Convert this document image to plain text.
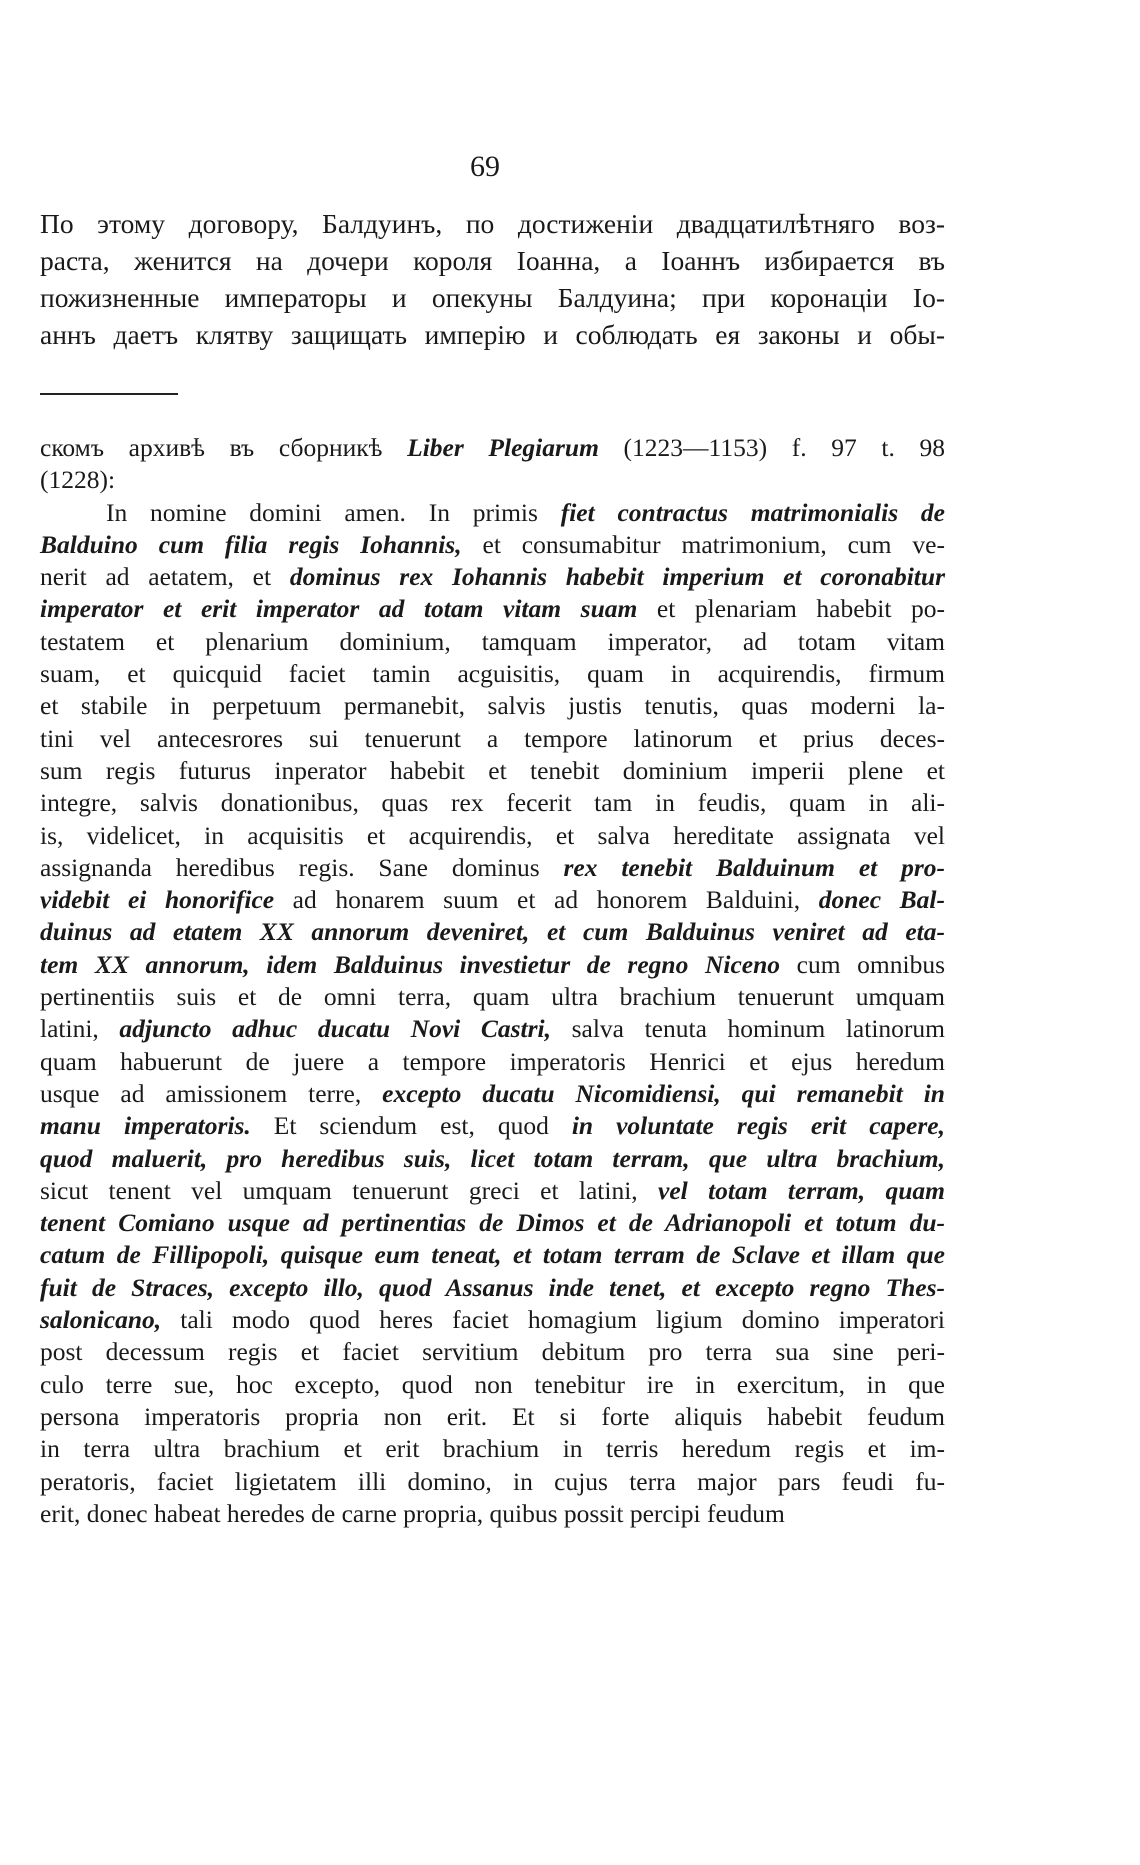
69
По этому договору, Балдуинъ, по достиженіи двадцатилѣтняго воз-
раста, женится на дочери короля Іоанна, а Іоаннъ избирается въ
пожизненные императоры и опекуны Балдуина; при коронаціи Іо-
аннъ даетъ клятву защищать имперію и соблюдать ея законы и обы-
скомъ архивѣ въ сборникѣ Liber Plegiarum (1223—1153) f. 97 t. 98
(1228):
In nomine domini amen. In primis fiet contractus matrimonialis de
Balduino cum filia regis Iohannis, et consumabitur matrimonium, cum ve-
nerit ad aetatem, et dominus rex Iohannis habebit imperium et coronabitur
imperator et erit imperator ad totam vitam suam et plenariam habebit po-
testatem et plenarium dominium, tamquam imperator, ad totam vitam
suam, et quicquid faciet tamin acguisitis, quam in acquirendis, firmum
et stabile in perpetuum permanebit, salvis justis tenutis, quas moderni la-
tini vel antecesrores sui tenuerunt a tempore latinorum et prius deces-
sum regis futurus inperator habebit et tenebit dominium imperii plene et
integre, salvis donationibus, quas rex fecerit tam in feudis, quam in ali-
is, videlicet, in acquisitis et acquirendis, et salva hereditate assignata vel
assignanda heredibus regis. Sane dominus rex tenebit Balduinum et pro-
videbit ei honorifice ad honarem suum et ad honorem Balduini, donec Bal-
duinus ad etatem XX annorum deveniret, et cum Balduinus veniret ad eta-
tem XX annorum, idem Balduinus investietur de regno Niceno cum omnibus
pertinentiis suis et de omni terra, quam ultra brachium tenuerunt umquam
latini, adjuncto adhuc ducatu Novi Castri, salva tenuta hominum latinorum
quam habuerunt de juere a tempore imperatoris Henrici et ejus heredum
usque ad amissionem terre, excepto ducatu Nicomidiensi, qui remanebit in
manu imperatoris. Et sciendum est, quod in voluntate regis erit capere,
quod maluerit, pro heredibus suis, licet totam terram, que ultra brachium,
sicut tenent vel umquam tenuerunt greci et latini, vel totam terram, quam
tenent Comiano usque ad pertinentias de Dimos et de Adrianopoli et totum du-
catum de Fillipopoli, quisque eum teneat, et totam terram de Sclave et illam que
fuit de Straces, excepto illo, quod Assanus inde tenet, et excepto regno Thes-
salonicano, tali modo quod heres faciet homagium ligium domino imperatori
post decessum regis et faciet servitium debitum pro terra sua sine peri-
culo terre sue, hoc excepto, quod non tenebitur ire in exercitum, in que
persona imperatoris propria non erit. Et si forte aliquis habebit feudum
in terra ultra brachium et erit brachium in terris heredum regis et im-
peratoris, faciet ligietatem illi domino, in cujus terra major pars feudi fu-
erit, donec habeat heredes de carne propria, quibus possit percipi feudum
